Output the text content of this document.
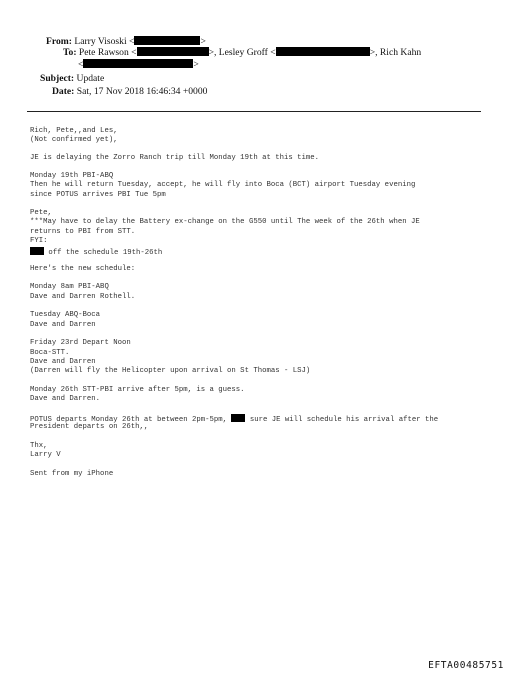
From: Larry Visoski <	>
To: Pete Rawson <	>, Lesley Groff <	>, Rich Kahn
<	>
Subject: Update
Date: Sat, 17 Nov 2018 16:46:34 +0000
Rich, Pete,,and Les,
(Not confirmed yet),
JE is delaying the Zorro Ranch trip till Monday 19th at this time.
Monday 19th PBI-ABQ
Then he will return Tuesday, accept, he will fly into Boca (BCT) airport Tuesday evening
since POTUS arrives PBI Tue 5pm
Pete,
***May have to delay the Battery ex-change on the G550 until The week of the 26th when JE
returns to PBI from STT.
FYI:
off the schedule 19th-26th
Here's the new schedule:
Monday 8am PBI-ABQ
Dave and Darren Rothell.
Tuesday ABQ-Boca
Dave and Darren
Friday 23rd Depart Noon
Boca-STT.
Dave and Darren
(Darren will fly the Helicopter upon arrival on St Thomas - LSJ)
Monday 26th STT-PBI arrive after 5pm, is a guess.
Dave and Darren.
POTUS departs Monday 26th at between 2pm-5pm,  sure JE will schedule his arrival after the
President departs on 26th,,
Thx,
Larry V
Sent from my iPhone
EFTA00485751
